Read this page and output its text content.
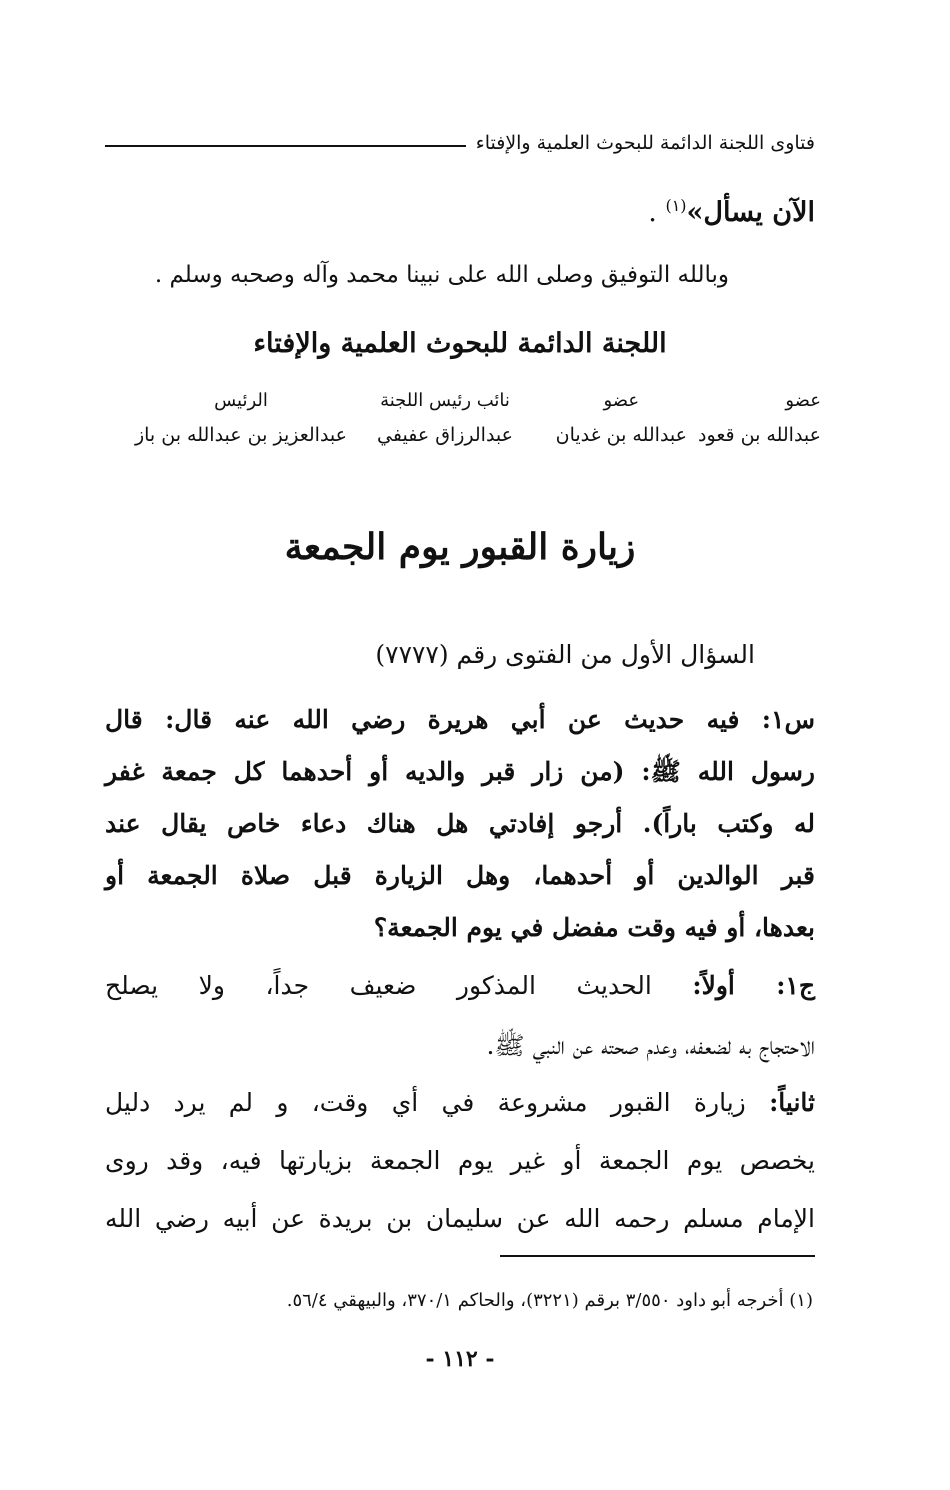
فتاوى اللجنة الدائمة للبحوث العلمية والإفتاء
الآن يسأل»$^{(١)}$ .
وبالله التوفيق وصلى الله على نبينا محمد وآله وصحبه وسلم .
اللجنة الدائمة للبحوث العلمية والإفتاء
عضو
عبدالله بن قعود
عضو
عبدالله بن غديان
نائب رئيس اللجنة
عبدالرزاق عفيفي
الرئيس
عبدالعزيز بن عبدالله بن باز
زيارة القبور يوم الجمعة
السؤال الأول من الفتوى رقم (٧٧٧٧)
س١: فيه حديث عن أبي هريرة رضي الله عنه قال: قال
رسول الله ﷺ: (من زار قبر والديه أو أحدهما كل جمعة غفر
له وكتب باراً). أرجو إفادتي هل هناك دعاء خاص يقال عند
قبر الوالدين أو أحدهما، وهل الزيارة قبل صلاة الجمعة أو
بعدها، أو فيه وقت مفضل في يوم الجمعة؟
ج١: أولاً: الحديث المذكور ضعيف جداً، ولا يصلح
الاحتجاج به لضعفه، وعدم صحته عن النبي ﷺ.
ثانياً: زيارة القبور مشروعة في أي وقت، و لم يرد دليل
يخصص يوم الجمعة أو غير يوم الجمعة بزيارتها فيه، وقد روى
الإمام مسلم رحمه الله عن سليمان بن بريدة عن أبيه رضي الله
(١) أخرجه أبو داود ٣/٥٥٠ برقم (٣٢٢١)، والحاكم ٣٧٠/١، والبيهقي ٥٦/٤.
- ١١٢ -
